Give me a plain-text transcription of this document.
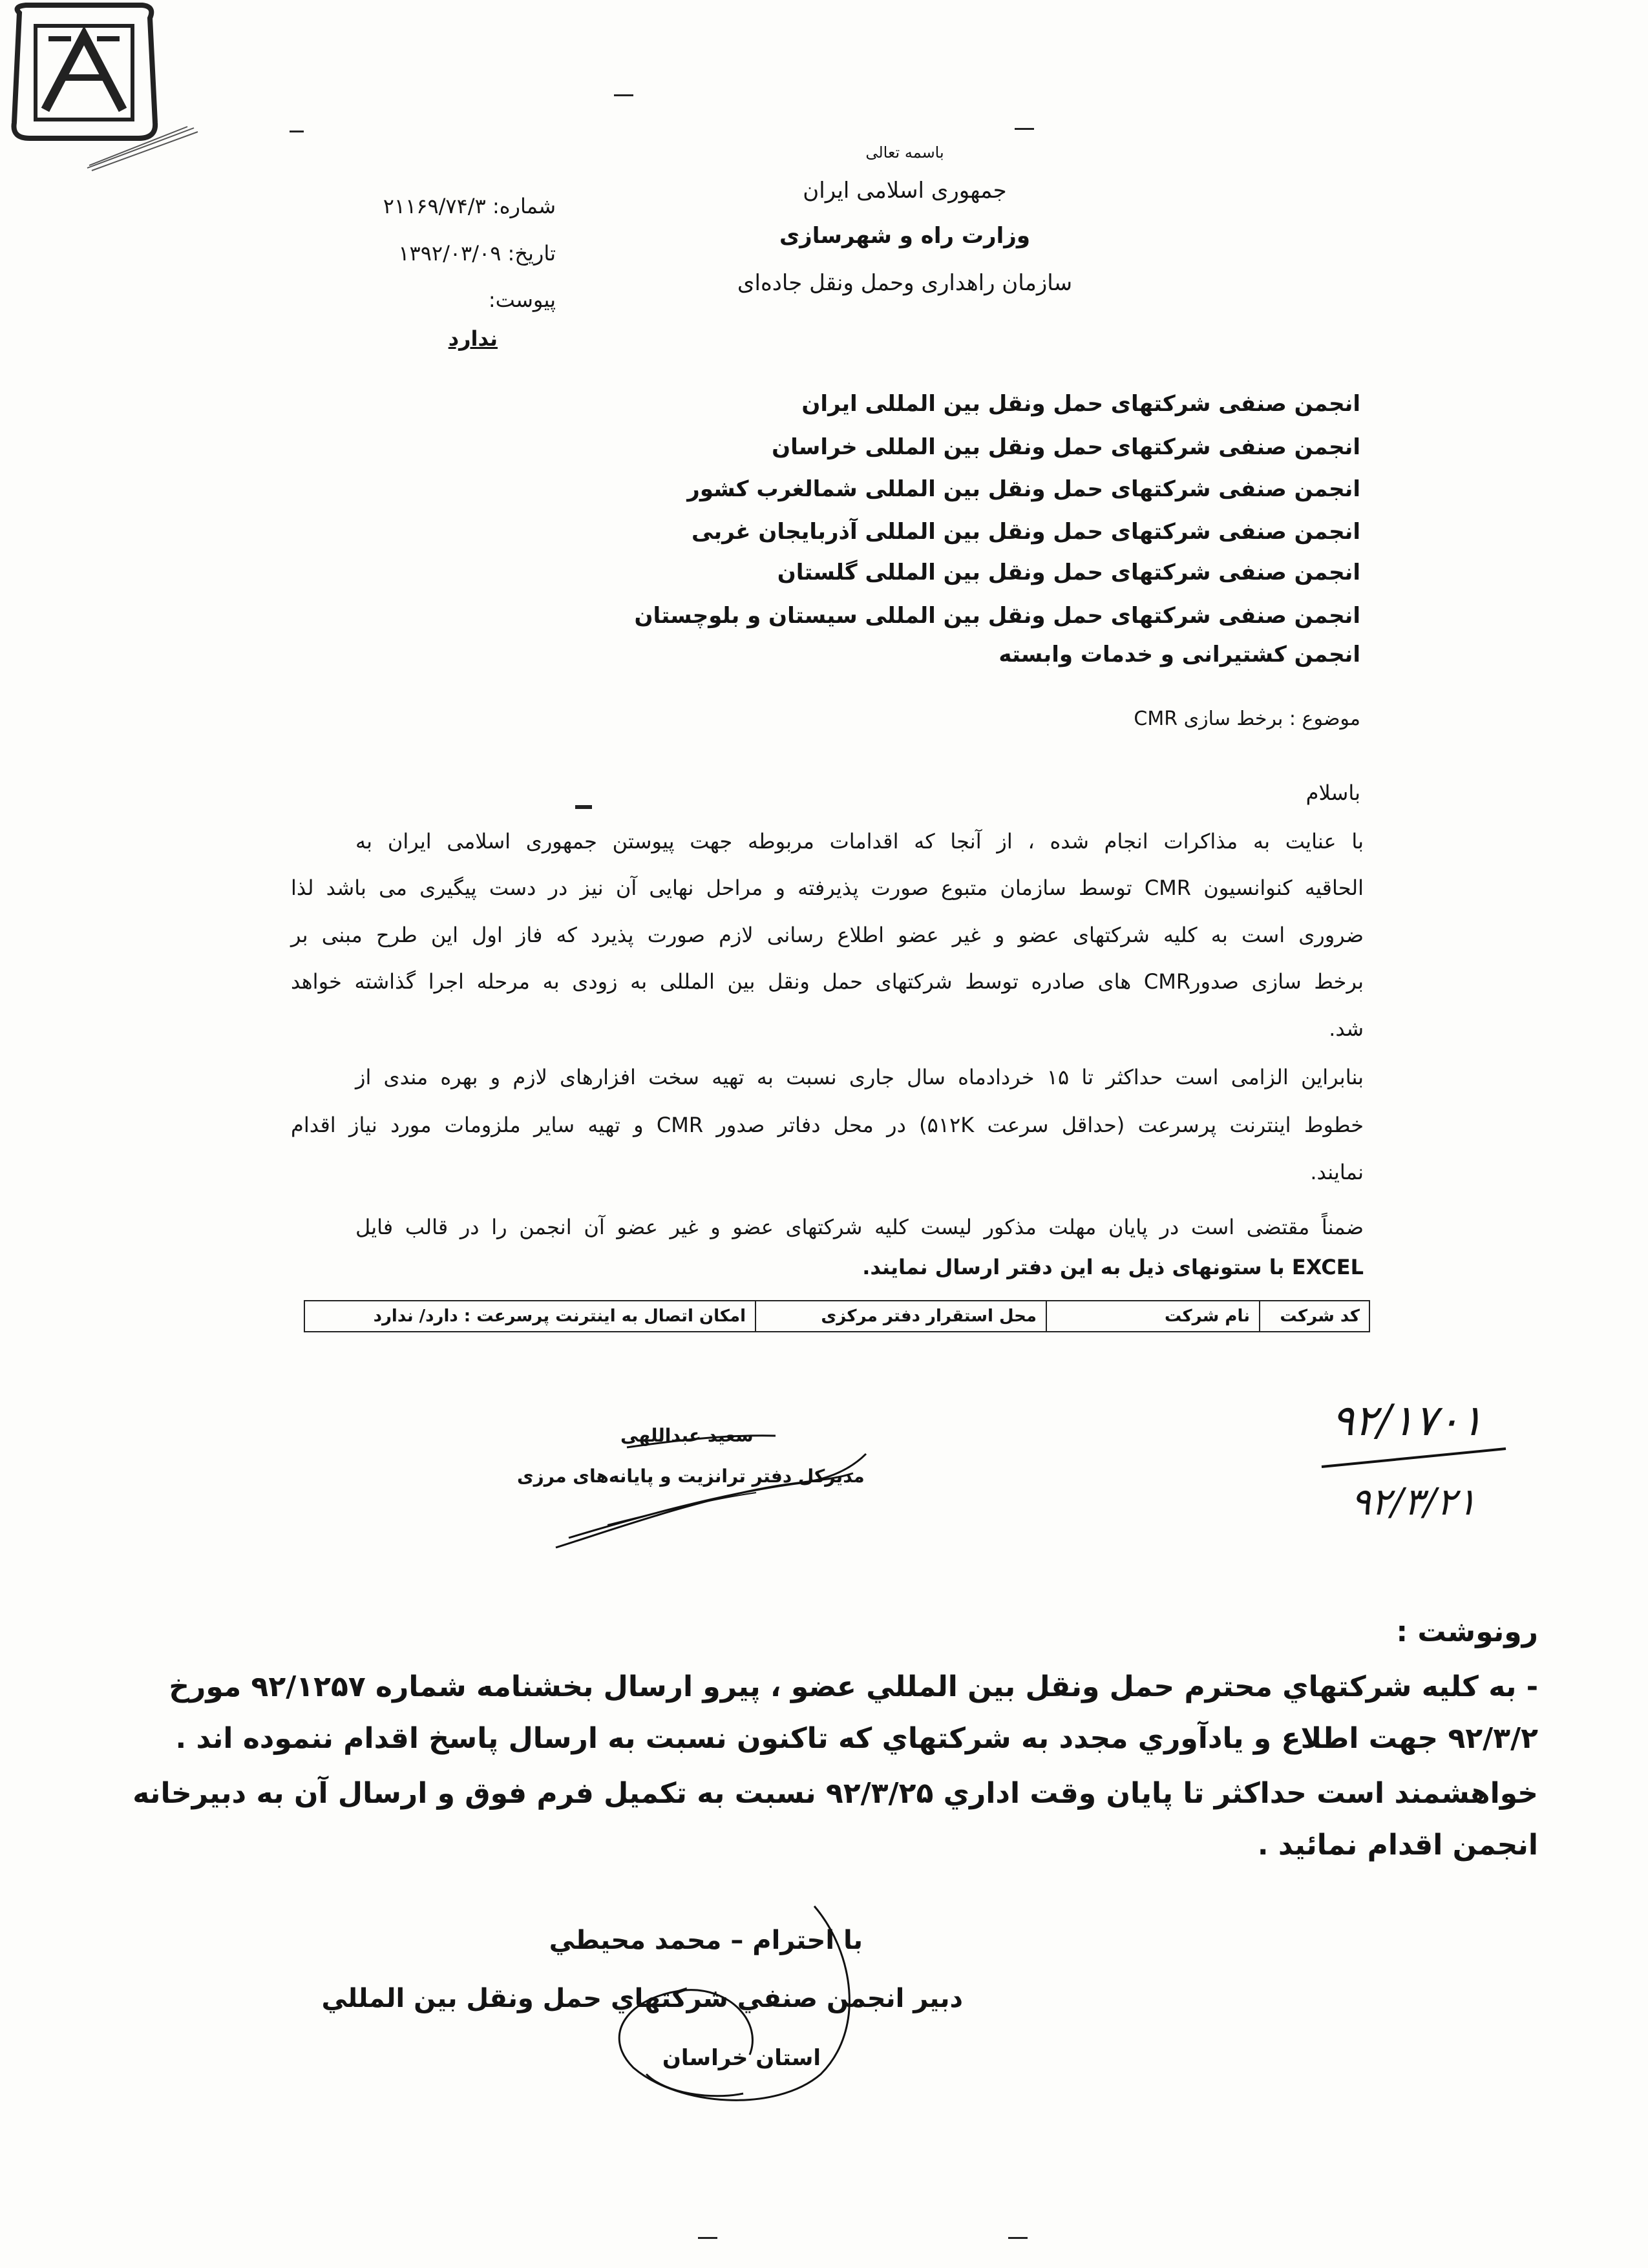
باسمه تعالی
جمهوری اسلامی ایران
وزارت راه و شهرسازی
سازمان راهداری وحمل ونقل جاده‌ای
شماره: ۲۱۱۶۹/۷۴/۳
تاریخ: ۱۳۹۲/۰۳/۰۹
پیوست:
ندارد
انجمن صنفی شرکتهای حمل ونقل بین المللی ایران
انجمن صنفی شرکتهای حمل ونقل بین المللی خراسان
انجمن صنفی شرکتهای حمل ونقل بین المللی شمالغرب کشور
انجمن صنفی شرکتهای حمل ونقل بین المللی آذربایجان غربی
انجمن صنفی شرکتهای حمل ونقل بین المللی گلستان
انجمن صنفی شرکتهای حمل ونقل بین المللی سیستان و بلوچستان
انجمن کشتیرانی و خدمات وابسته
موضوع : برخط سازی CMR
باسلام
با عنایت به مذاکرات انجام شده ، از آنجا که اقدامات مربوطه جهت پیوستن جمهوری اسلامی ایران به
الحاقیه کنوانسیون CMR توسط سازمان متبوع صورت پذیرفته و مراحل نهایی آن نیز در دست پیگیری می باشد لذا
ضروری است به کلیه شرکتهای عضو و غیر عضو اطلاع رسانی لازم صورت پذیرد که فاز اول این طرح مبنی بر
برخط سازی صدورCMR های صادره توسط شرکتهای حمل ونقل بین المللی به زودی به مرحله اجرا گذاشته خواهد
شد.
بنابراین الزامی است حداکثر تا ۱۵ خردادماه سال جاری نسبت به تهیه سخت افزارهای لازم و بهره مندی از
خطوط اینترنت پرسرعت (حداقل سرعت ۵۱۲K) در محل دفاتر صدور CMR و تهیه سایر ملزومات مورد نیاز اقدام
نمایند.
ضمناً مقتضی است در پایان مهلت مذکور لیست کلیه شرکتهای عضو و غیر عضو آن انجمن را در قالب فایل
EXCEL با ستونهای ذیل به این دفتر ارسال نمایند.
کد شرکت	نام شرکت	محل استقرار دفتر مرکزی	امکان اتصال به اینترنت پرسرعت : دارد/ ندارد
سعید عبداللهی
مدیرکل دفتر ترانزیت و پایانه‌های مرزی
۹۲/۱۷۰۱
۹۲/۳/۲۱
رونوشت :
- به كليه شركتهاي محترم حمل ونقل بين المللي عضو ، پيرو ارسال بخشنامه شماره ۹۲/۱۲۵۷ مورخ
۹۲/۳/۲ جهت اطلاع و يادآوري مجدد به شركتهاي كه تاكنون نسبت به ارسال پاسخ اقدام ننموده اند .
خواهشمند است حداكثر تا پايان وقت اداري ۹۲/۳/۲۵ نسبت به تكميل فرم فوق و ارسال آن به دبيرخانه
انجمن اقدام نمائيد .
با احترام – محمد محيطي
دبير انجمن صنفي شركتهاي حمل ونقل بين المللي
استان خراسان
